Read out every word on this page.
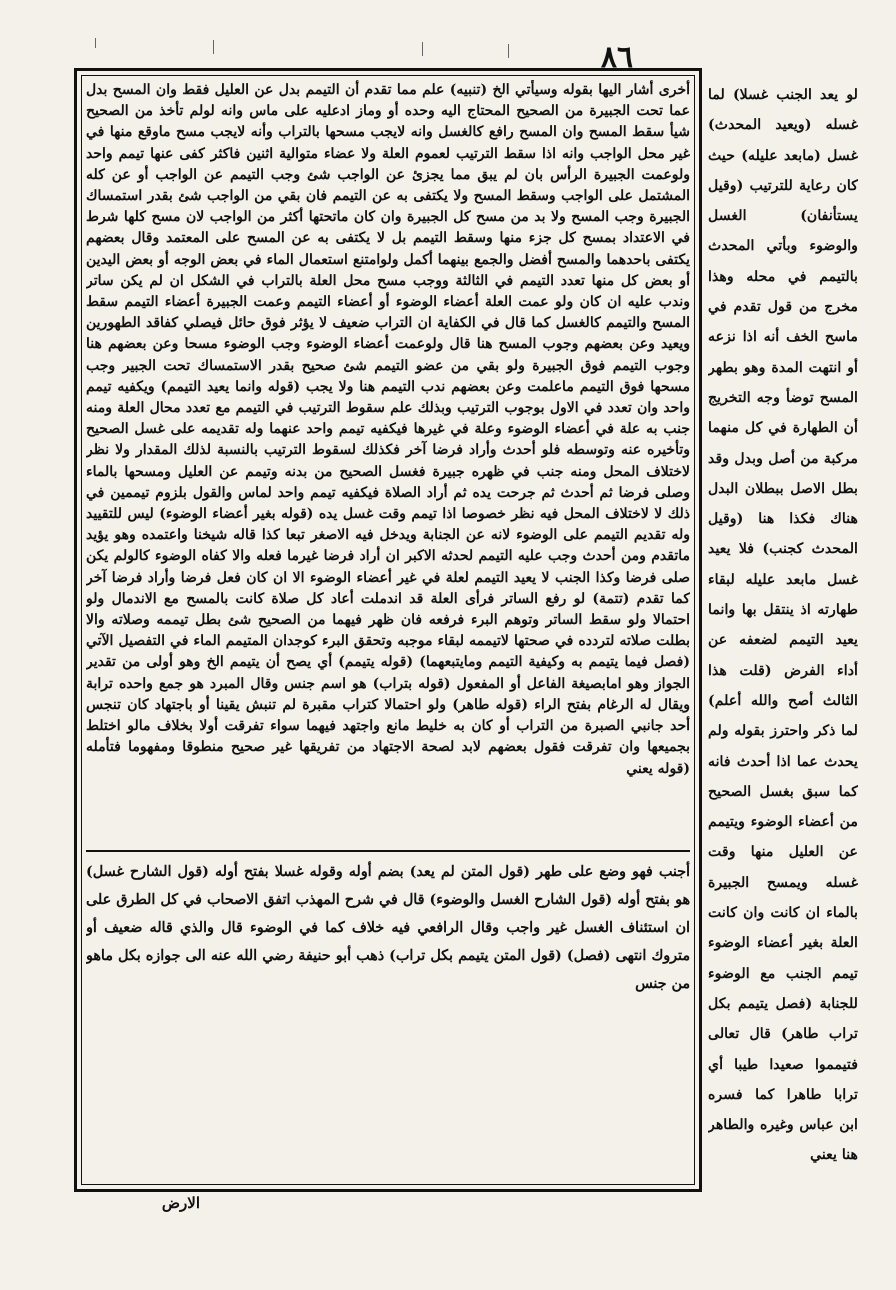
٨٦

أخرى أشار اليها بقوله وسيأتي الخ (تنبيه) علم مما تقدم أن التيمم بدل عن العليل فقط وان المسح بدل عما تحت الجبيرة من الصحيح المحتاج اليه وحده أو وماز ادعليه على ماس وانه لولم تأخذ من الصحيح شيأ سقط المسح وان المسح رافع كالغسل وانه لايجب مسحها بالتراب وأنه لايجب مسح ماوقع منها في غير محل الواجب وانه اذا سقط الترتيب لعموم العلة ولا عضاء متوالية اثنين فاكثر كفى عنها تيمم واحد ولوعمت الجبيرة الرأس بان لم يبق مما يجزئ عن الواجب شئ وجب التيمم عن الواجب أو عن كله المشتمل على الواجب وسقط المسح ولا يكتفى به عن التيمم فان بقي من الواجب شئ بقدر استمساك الجبيرة وجب المسح ولا بد من مسح كل الجبيرة وان كان ماتحتها أكثر من الواجب لان مسح كلها شرط في الاعتداد بمسح كل جزء منها وسقط التيمم بل لا يكتفى به عن المسح على المعتمد وقال بعضهم يكتفى باحدهما والمسح أفضل والجمع بينهما أكمل ولوامتنع استعمال الماء في بعض الوجه أو بعض اليدين أو بعض كل منها تعدد التيمم في الثالثة ووجب مسح محل العلة بالتراب في الشكل ان لم يكن ساتر وندب عليه ان كان ولو عمت العلة أعضاء الوضوء أو أعضاء التيمم وعمت الجبيرة أعضاء التيمم سقط المسح والتيمم كالغسل كما قال في الكفاية ان التراب ضعيف لا يؤثر فوق حائل فيصلي كفاقد الطهورين ويعيد وعن بعضهم وجوب المسح هنا قال ولوعمت أعضاء الوضوء وجب الوضوء مسحا وعن بعضهم هنا وجوب التيمم فوق الجبيرة ولو بقي من عضو التيمم شئ صحيح بقدر الاستمساك تحت الجبير وجب مسحها فوق التيمم ماعلمت وعن بعضهم ندب التيمم هنا ولا يجب (قوله وانما يعيد التيمم) ويكفيه تيمم واحد وان تعدد في الاول بوجوب الترتيب وبذلك علم سقوط الترتيب في التيمم مع تعدد محال العلة ومنه جنب به علة في أعضاء الوضوء وعلة في غيرها فيكفيه تيمم واحد عنهما وله تقديمه على غسل الصحيح وتأخيره عنه وتوسطه فلو أحدث وأراد فرضا آخر فكذلك لسقوط الترتيب بالنسبة لذلك المقدار ولا نظر لاختلاف المحل ومنه جنب في ظهره جبيرة فغسل الصحيح من بدنه وتيمم عن العليل ومسحها بالماء وصلى فرضا ثم أحدث ثم جرحت يده ثم أراد الصلاة فيكفيه تيمم واحد لماس والقول بلزوم تيممين في ذلك لا لاختلاف المحل فيه نظر خصوصا اذا تيمم وقت غسل يده (قوله بغير أعضاء الوضوء) ليس للتقييد وله تقديم التيمم على الوضوء لانه عن الجنابة ويدخل فيه الاصغر تبعا كذا قاله شيخنا واعتمده وهو يؤيد ماتقدم ومن أحدث وجب عليه التيمم لحدثه الاكبر ان أراد فرضا غيرما فعله والا كفاه الوضوء كالولم يكن صلى فرضا وكذا الجنب لا يعيد التيمم لعلة في غير أعضاء الوضوء الا ان كان فعل فرضا وأراد فرضا آخر كما تقدم (تتمة) لو رفع الساتر فرأى العلة قد اندملت أعاد كل صلاة كانت بالمسح مع الاندمال ولو احتمالا ولو سقط الساتر وتوهم البرء فرفعه فان ظهر فيهما من الصحيح شئ بطل تيممه وصلاته والا بطلت صلاته لتردده في صحتها لاتيممه لبقاء موجبه وتحقق البرء كوجدان المتيمم الماء في التفصيل الآتي (فصل فيما يتيمم به وكيفية التيمم ومايتبعهما) (قوله يتيمم) أي يصح أن يتيمم الخ وهو أولى من تقدير الجواز وهو امابصيغة الفاعل أو المفعول (قوله بتراب) هو اسم جنس وقال المبرد هو جمع واحده ترابة ويقال له الرغام بفتح الراء (قوله طاهر) ولو احتمالا كتراب مقبرة لم تنبش يقينا أو باجتهاد كان تنجس أحد جانبي الصبرة من التراب أو كان به خليط مانع واجتهد فيهما سواء تفرقت أولا بخلاف مالو اختلط بجميعها وان تفرقت فقول بعضهم لابد لصحة الاجتهاد من تفريقها غير صحيح منطوقا ومفهوما فتأمله (قوله يعني

أجنب فهو وضع على طهر (قول المتن لم يعد) بضم أوله وقوله غسلا بفتح أوله (قول الشارح غسل) هو بفتح أوله (قول الشارح الغسل والوضوء) قال في شرح المهذب اتفق الاصحاب في كل الطرق على ان استئناف الغسل غير واجب وقال الرافعي فيه خلاف كما في الوضوء قال والذي قاله ضعيف أو متروك انتهى (فصل) (قول المتن يتيمم بكل تراب) ذهب أبو حنيفة رضي الله عنه الى جوازه بكل ماهو من جنس

لو يعد الجنب غسلا) لما غسله (ويعيد المحدث) غسل (مابعد عليله) حيث كان رعاية للترتيب (وقيل يستأنفان) الغسل والوضوء وبأتي المحدث بالتيمم في محله وهذا مخرج من قول تقدم في ماسح الخف أنه اذا نزعه أو انتهت المدة وهو بطهر المسح توضأ وجه التخريج أن الطهارة في كل منهما مركبة من أصل وبدل وقد بطل الاصل ببطلان البدل هناك فكذا هنا (وقيل المحدث كجنب) فلا يعيد غسل مابعد عليله لبقاء طهارته اذ ينتقل بها وانما يعيد التيمم لضعفه عن أداء الفرض (قلت هذا الثالث أصح والله أعلم) لما ذكر واحترز بقوله ولم يحدث عما اذا أحدث فانه كما سبق بغسل الصحيح من أعضاء الوضوء ويتيمم عن العليل منها وقت غسله ويمسح الجبيرة بالماء ان كانت وان كانت العلة بغير أعضاء الوضوء تيمم الجنب مع الوضوء للجنابة (فصل يتيمم بكل تراب طاهر) قال تعالى فتيمموا صعيدا طيبا أي ترابا طاهرا كما فسره ابن عباس وغيره والطاهر هنا يعني

الارض
